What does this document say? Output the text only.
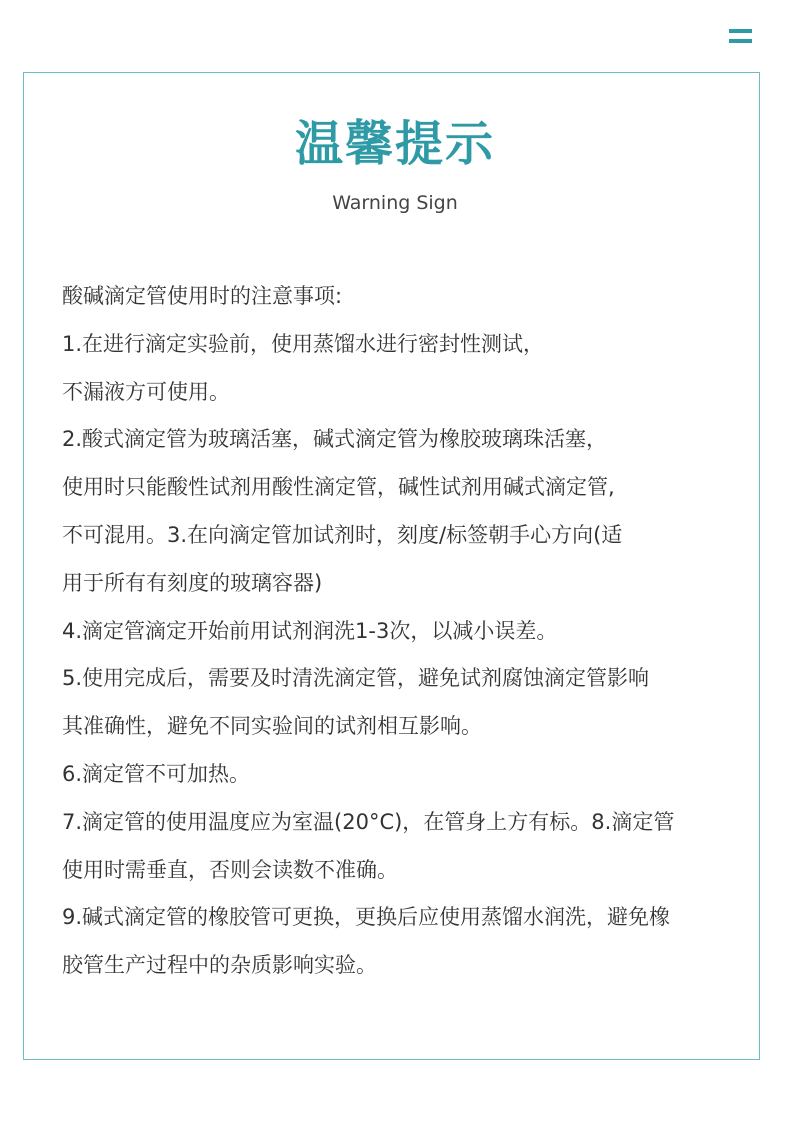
温馨提示
Warning Sign
酸碱滴定管使用时的注意事项:
1.在进行滴定实验前，使用蒸馏水进行密封性测试，
不漏液方可使用。
2.酸式滴定管为玻璃活塞，碱式滴定管为橡胶玻璃珠活塞，
使用时只能酸性试剂用酸性滴定管，碱性试剂用碱式滴定管,
不可混用。3.在向滴定管加试剂时，刻度/标签朝手心方向(适
用于所有有刻度的玻璃容器)
4.滴定管滴定开始前用试剂润洗1-3次，以减小误差。
5.使用完成后，需要及时清洗滴定管，避免试剂腐蚀滴定管影响
其准确性，避免不同实验间的试剂相互影响。
6.滴定管不可加热。
7.滴定管的使用温度应为室温(20°C)，在管身上方有标。8.滴定管
使用时需垂直，否则会读数不准确。
9.碱式滴定管的橡胶管可更换，更换后应使用蒸馏水润洗，避免橡
胶管生产过程中的杂质影响实验。
